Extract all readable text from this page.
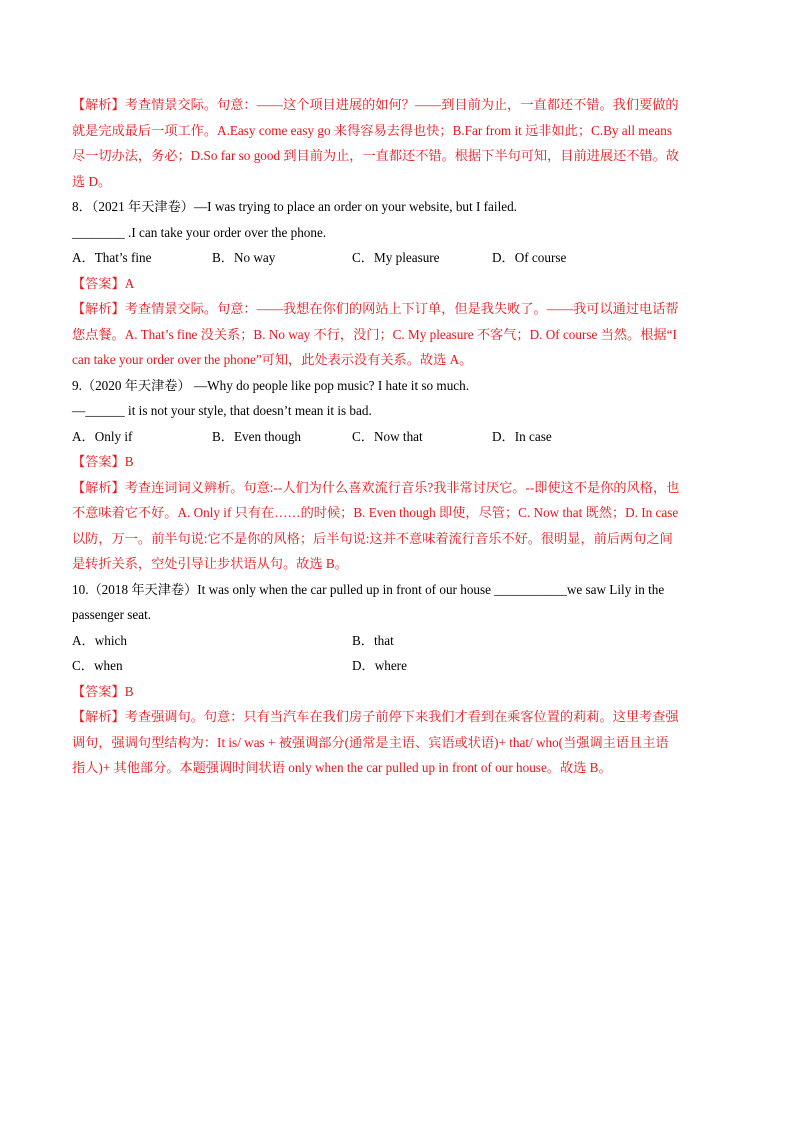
【解析】考查情景交际。句意：——这个项目进展的如何？——到目前为止，一直都还不错。我们要做的
就是完成最后一项工作。A.Easy come easy go 来得容易去得也快；B.Far from it 远非如此；C.By all means
尽一切办法，务必；D.So far so good 到目前为止，一直都还不错。根据下半句可知，目前进展还不错。故
选 D。
8．（2021 年天津卷）—I was trying to place an order on your website, but I failed.
________ .I can take your order over the phone.
A．That’s fine	B．No way	C．My pleasure	D．Of course
【答案】A
【解析】考查情景交际。句意：——我想在你们的网站上下订单，但是我失败了。——我可以通过电话帮
您点餐。A. That’s fine 没关系；B. No way 不行，没门；C. My pleasure 不客气；D. Of course 当然。根据“I
can take your order over the phone”可知，此处表示没有关系。故选 A。
9.（2020 年天津卷） —Why do people like pop music? I hate it so much.
—______ it is not your style, that doesn’t mean it is bad.
A．Only if	B．Even though	C．Now that	D．In case
【答案】B
【解析】考查连词词义辨析。句意:--人们为什么喜欢流行音乐?我非常讨厌它。--即使这不是你的风格，也
不意味着它不好。A. Only if 只有在……的时候；B. Even though 即使，尽管；C. Now that 既然；D. In case
以防，万一。前半句说:它不是你的风格；后半句说:这并不意味着流行音乐不好。很明显，前后两句之间
是转折关系，空处引导让步状语从句。故选 B。
10.（2018 年天津卷）It was only when the car pulled up in front of our house ___________we saw Lily in the
passenger seat.
A．which	B．that
C．when	D．where
【答案】B
【解析】考查强调句。句意：只有当汽车在我们房子前停下来我们才看到在乘客位置的莉莉。这里考查强
调句，强调句型结构为：It is/ was + 被强调部分(通常是主语、宾语或状语)+ that/ who(当强调主语且主语
指人)+ 其他部分。本题强调时间状语 only when the car pulled up in front of our house。故选 B。
